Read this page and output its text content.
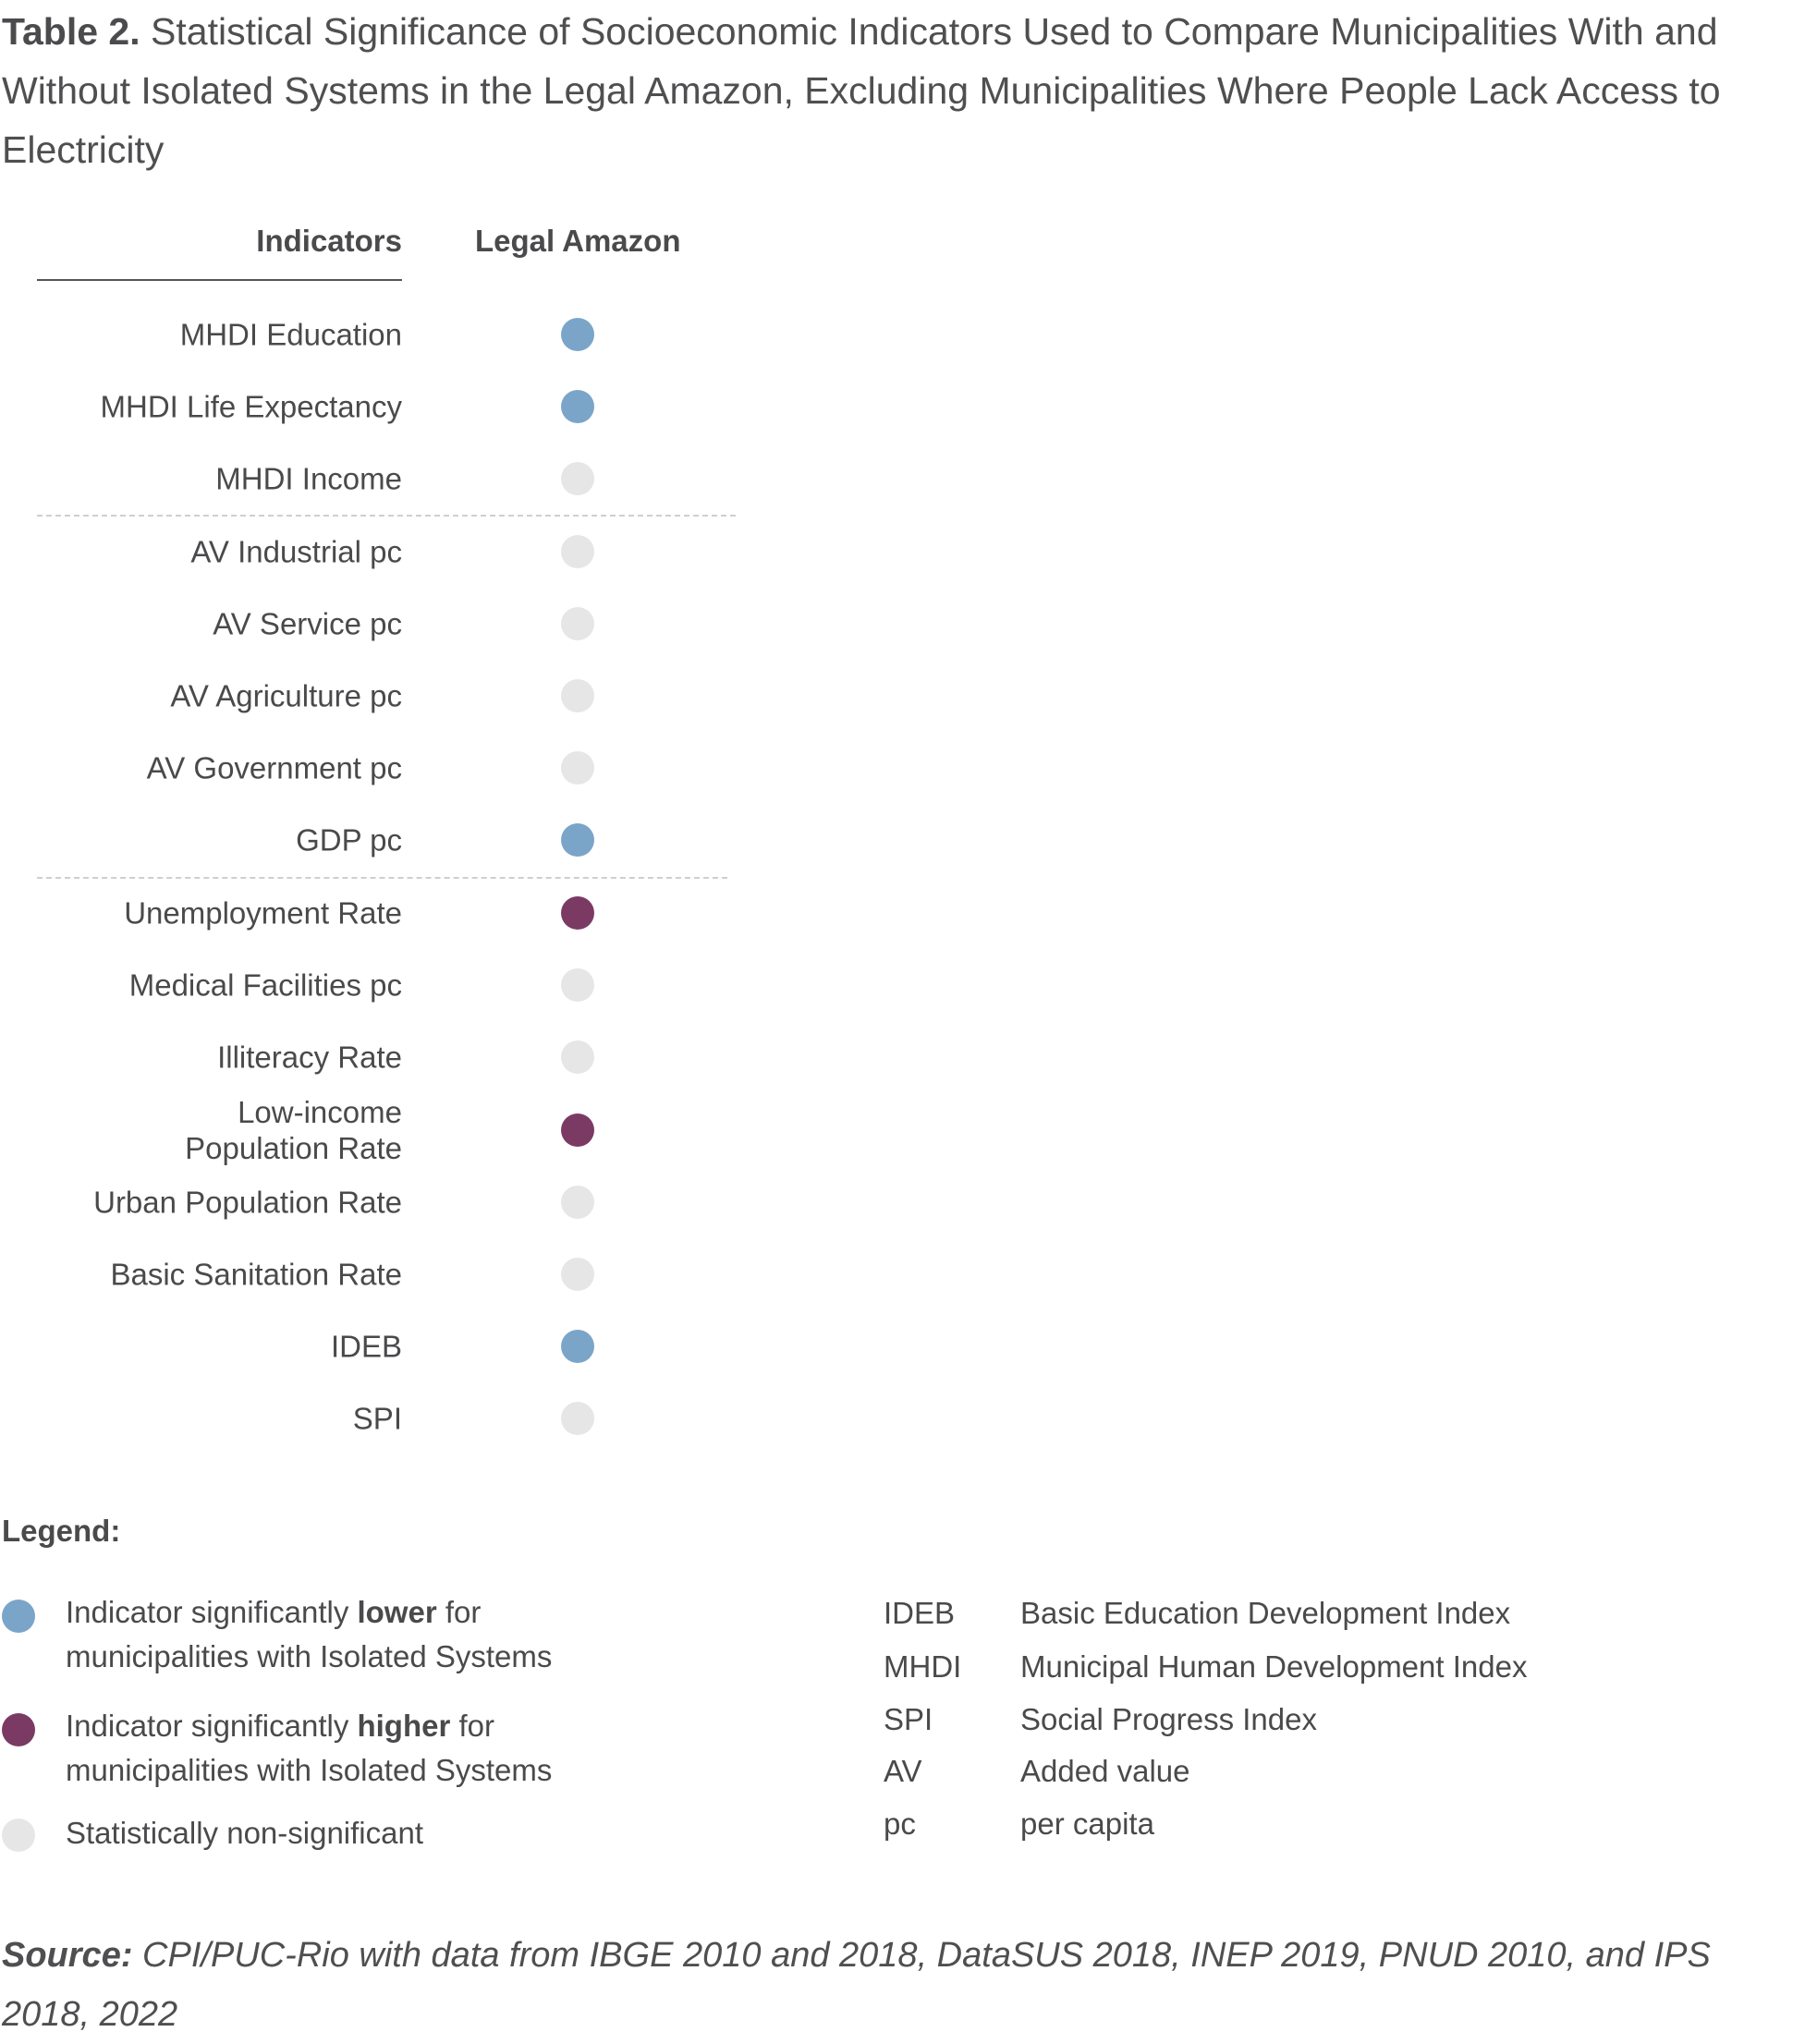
Table 2. Statistical Significance of Socioeconomic Indicators Used to Compare Municipalities With and Without Isolated Systems in the Legal Amazon, Excluding Municipalities Where People Lack Access to Electricity
Indicators Legal Amazon
MHDI Education
MHDI Life Expectancy
MHDI Income
AV Industrial pc
AV Service pc
AV Agriculture pc
AV Government pc
GDP pc
Unemployment Rate
Medical Facilities pc
Illiteracy Rate
Low-income
Population Rate
Urban Population Rate
Basic Sanitation Rate
IDEB
SPI
Legend:
Indicator significantly lower for
municipalities with Isolated Systems
Indicator significantly higher for
municipalities with Isolated Systems
Statistically non-significant
IDEB Basic Education Development Index
MHDI Municipal Human Development Index
SPI	Social Progress Index
AV	Added value
pc	per capita
Source: CPI/PUC-Rio with data from IBGE 2010 and 2018, DataSUS 2018, INEP 2019, PNUD 2010, and IPS 2018, 2022
